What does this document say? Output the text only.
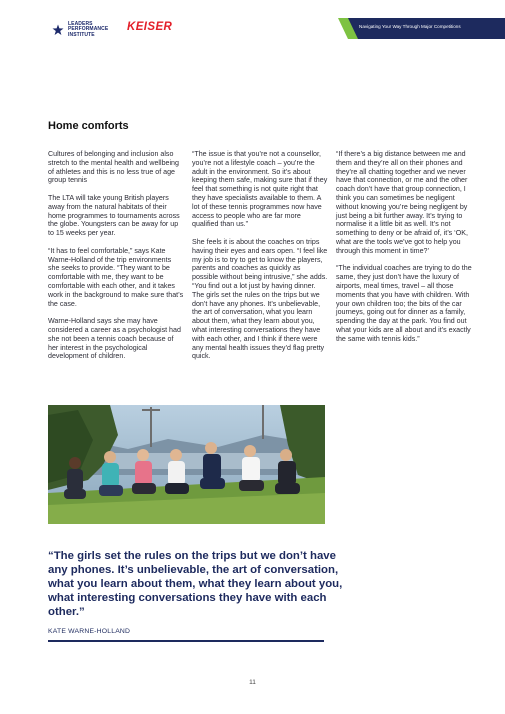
LEADERS
PERFORMANCE
INSTITUTE
KEISER	Navigating Your Way Through Major Competitions
Home comforts

Cultures of belonging and inclusion also stretch to the mental health and wellbeing of athletes and this is no less true of age group tennis

The LTA will take young British players away from the natural habitats of their home programmes to tournaments across the globe. Youngsters can be away for up to 15 weeks per year.

“It has to feel comfortable,” says Kate Warne-Holland of the trip environments she seeks to provide. “They want to be comfortable with me, they want to be comfortable with each other, and it takes work in the background to make sure that’s the case.

Warne-Holland says she may have considered a career as a psychologist had she not been a tennis coach because of her interest in the psychological development of children.

“The issue is that you’re not a counsellor, you’re not a lifestyle coach – you’re the adult in the environment. So it’s about keeping them safe, making sure that if they feel that something is not quite right that they have specialists available to them. A lot of these tennis programmes now have access to people who are far more qualified than us.”

She feels it is about the coaches on trips having their eyes and ears open. “I feel like my job is to try to get to know the players, parents and coaches as quickly as possible without being intrusive,” she adds. “You find out a lot just by having dinner. The girls set the rules on the trips but we don’t have any phones. It’s unbelievable, the art of conversation, what you learn about them, what they learn about you, what interesting conversations they have with each other, and I think if there were any mental health issues they’d flag pretty quick.

“If there’s a big distance between me and them and they’re all on their phones and they’re all chatting together and we never have that connection, or me and the other coach don’t have that group connection, I think you can sometimes be negligent without knowing you’re being negligent by just being a bit further away. It’s trying to normalise it a little bit as well. It’s not something to deny or be afraid of, it’s ‘OK, what are the tools we’ve got to help you through this moment in time?’

“The individual coaches are trying to do the same, they just don’t have the luxury of airports, meal times, travel – all those moments that you have with children. With your own children too; the bits of the car journeys, going out for dinner as a family, spending the day at the park. You find out what your kids are all about and it’s exactly the same with tennis kids.”

“The girls set the rules on the trips but we don’t have any phones. It’s unbelievable, the art of conversation, what you learn about them, what they learn about you, what interesting conversations they have with each other.”

KATE WARNE-HOLLAND
11
